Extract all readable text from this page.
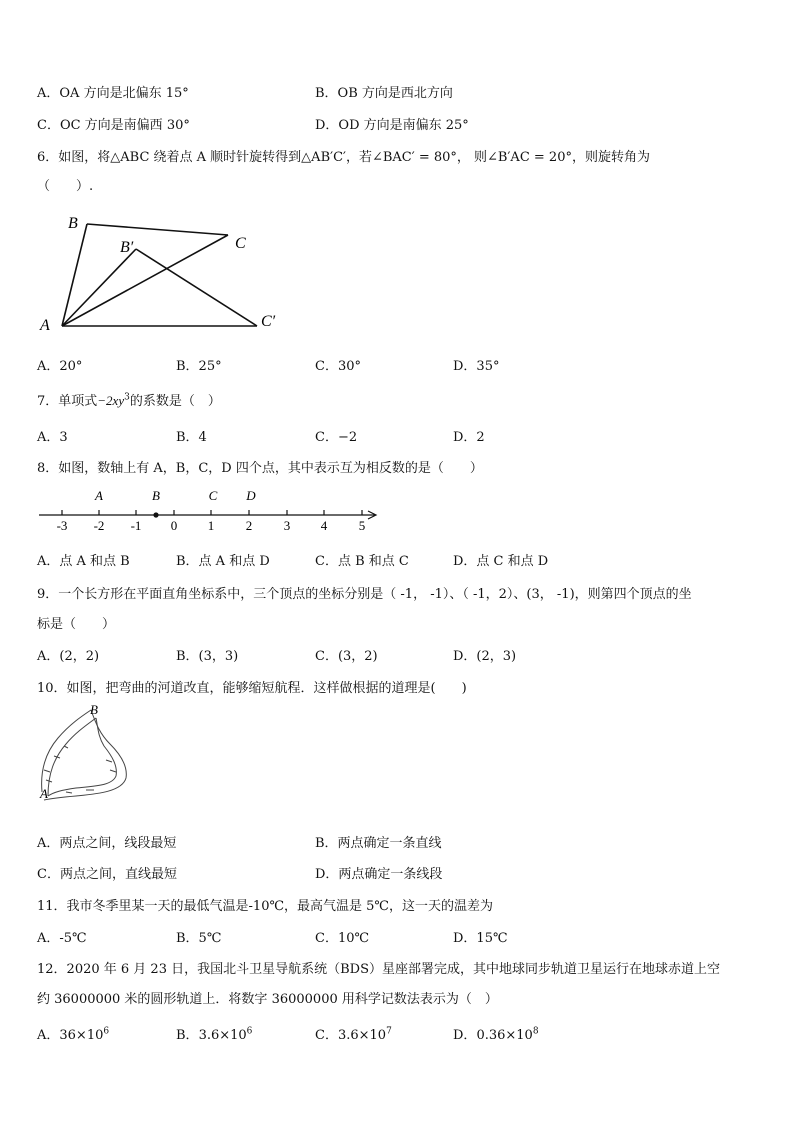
A．OA 方向是北偏东 15°	B．OB 方向是西北方向
C．OC 方向是南偏西 30°	D．OD 方向是南偏东 25°
6．如图，将△ABC 绕着点 A 顺时针旋转得到△AB′C′，若∠BAC′ = 80°， 则∠B′AC = 20°，则旋转角为
（　　）.
B
B′	C
A	C′
A．20°	B．25°	C．30°	D．35°
7．单项式$-2xy^3$的系数是（　）
A．3	B．4	C．−2	D．2
8．如图，数轴上有 A，B，C，D 四个点，其中表示互为相反数的是（　　）
-3 -2 -1 0 1 2 3 4 5
A	B	C D
A．点 A 和点 B	B．点 A 和点 D	C．点 B 和点 C	D．点 C 和点 D
9．一个长方形在平面直角坐标系中，三个顶点的坐标分别是（ -1， -1）、（ -1，2）、(3， -1)，则第四个顶点的坐
标是（　　）
A．(2，2)	B．(3，3)	C．(3，2)	D．(2，3)
10．如图，把弯曲的河道改直，能够缩短航程．这样做根据的道理是(　　)
B
A
A．两点之间，线段最短	B．两点确定一条直线
C．两点之间，直线最短	D．两点确定一条线段
11．我市冬季里某一天的最低气温是-10℃，最高气温是 5℃，这一天的温差为
A．-5℃	B．5℃	C．10℃	D．15℃
12．2020 年 6 月 23 日，我国北斗卫星导航系统（BDS）星座部署完成，其中地球同步轨道卫星运行在地球赤道上空
约 36000000 米的圆形轨道上．将数字 36000000 用科学记数法表示为（　）
A．$36\times 10^6$	B．$3.6\times 10^6$	C．$3.6\times 10^7$	D．$0.36\times 10^8$
